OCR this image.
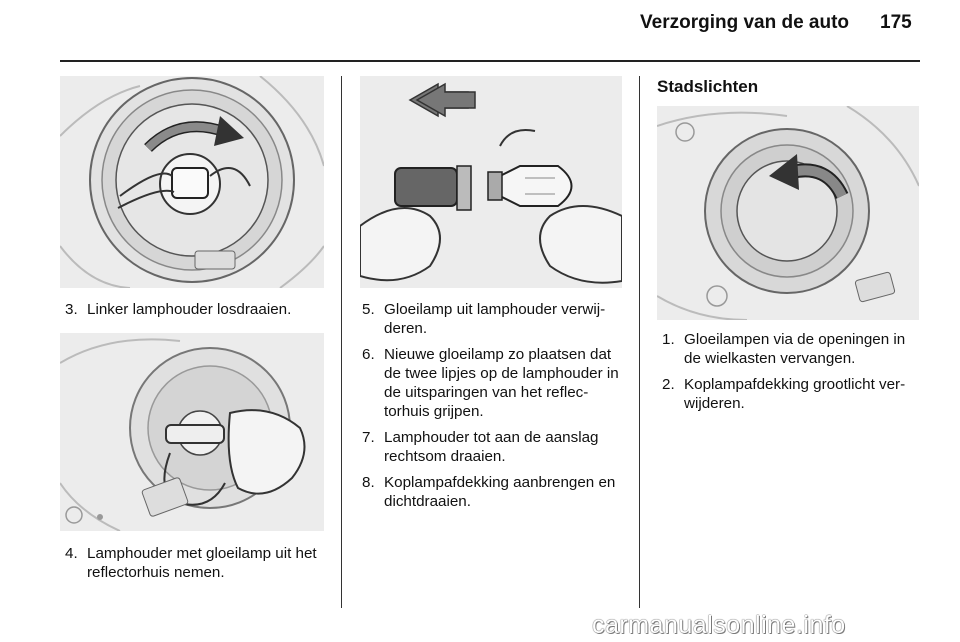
Verzorging van de auto 175
3. Linker lamphouder losdraaien.
4. Lamphouder met gloeilamp uit het reflectorhuis nemen.
5. Gloeilamp uit lamphouder verwij- deren.
6. Nieuwe gloeilamp zo plaatsen dat de twee lipjes op de lamphouder in de uitsparingen van het reflec- torhuis grijpen.
7. Lamphouder tot aan de aanslag rechtsom draaien.
8. Koplampafdekking aanbrengen en dichtdraaien.
Stadslichten
1. Gloeilampen via de openingen in de wielkasten vervangen.
2. Koplampafdekking grootlicht ver- wijderen.
carmanualsonline.info
